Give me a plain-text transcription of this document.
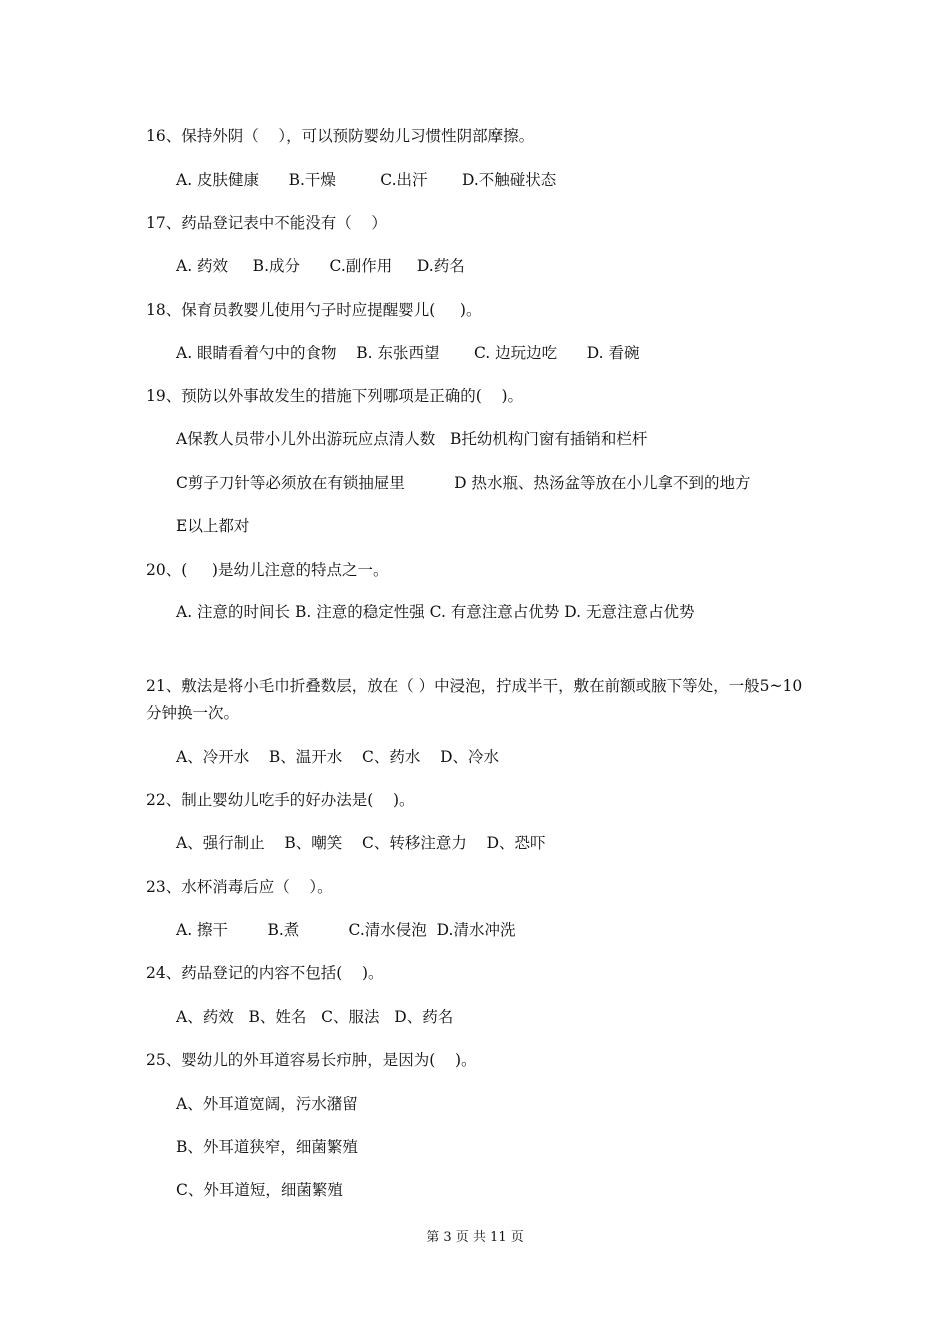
16、保持外阴（    ），可以预防婴幼儿习惯性阴部摩擦。
A. 皮肤健康      B.干燥         C.出汗       D.不触碰状态
17、药品登记表中不能没有（    ）
A. 药效     B.成分      C.副作用     D.药名
18、保育员教婴儿使用勺子时应提醒婴儿(     )。
A. 眼睛看着勺中的食物    B. 东张西望       C. 边玩边吃      D. 看碗
19、预防以外事故发生的措施下列哪项是正确的(    )。
A保教人员带小儿外出游玩应点清人数   B托幼机构门窗有插销和栏杆
C剪子刀针等必须放在有锁抽屉里          D 热水瓶、热汤盆等放在小儿拿不到的地方
E以上都对
20、(     )是幼儿注意的特点之一。
A. 注意的时间长 B. 注意的稳定性强 C. 有意注意占优势 D. 无意注意占优势
21、敷法是将小毛巾折叠数层，放在（ ）中浸泡，拧成半干，敷在前额或腋下等处，一般5~10分钟换一次。
A、冷开水    B、温开水    C、药水    D、冷水
22、制止婴幼儿吃手的好办法是(    )。
A、强行制止    B、嘲笑    C、转移注意力    D、恐吓
23、水杯消毒后应（    ）。
A. 擦干        B.煮          C.清水侵泡  D.清水冲洗
24、药品登记的内容不包括(    )。
A、药效   B、姓名   C、服法   D、药名
25、婴幼儿的外耳道容易长疖肿，是因为(    )。
A、外耳道宽阔，污水潴留
B、外耳道狭窄，细菌繁殖
C、外耳道短，细菌繁殖
第 3 页 共 11 页
